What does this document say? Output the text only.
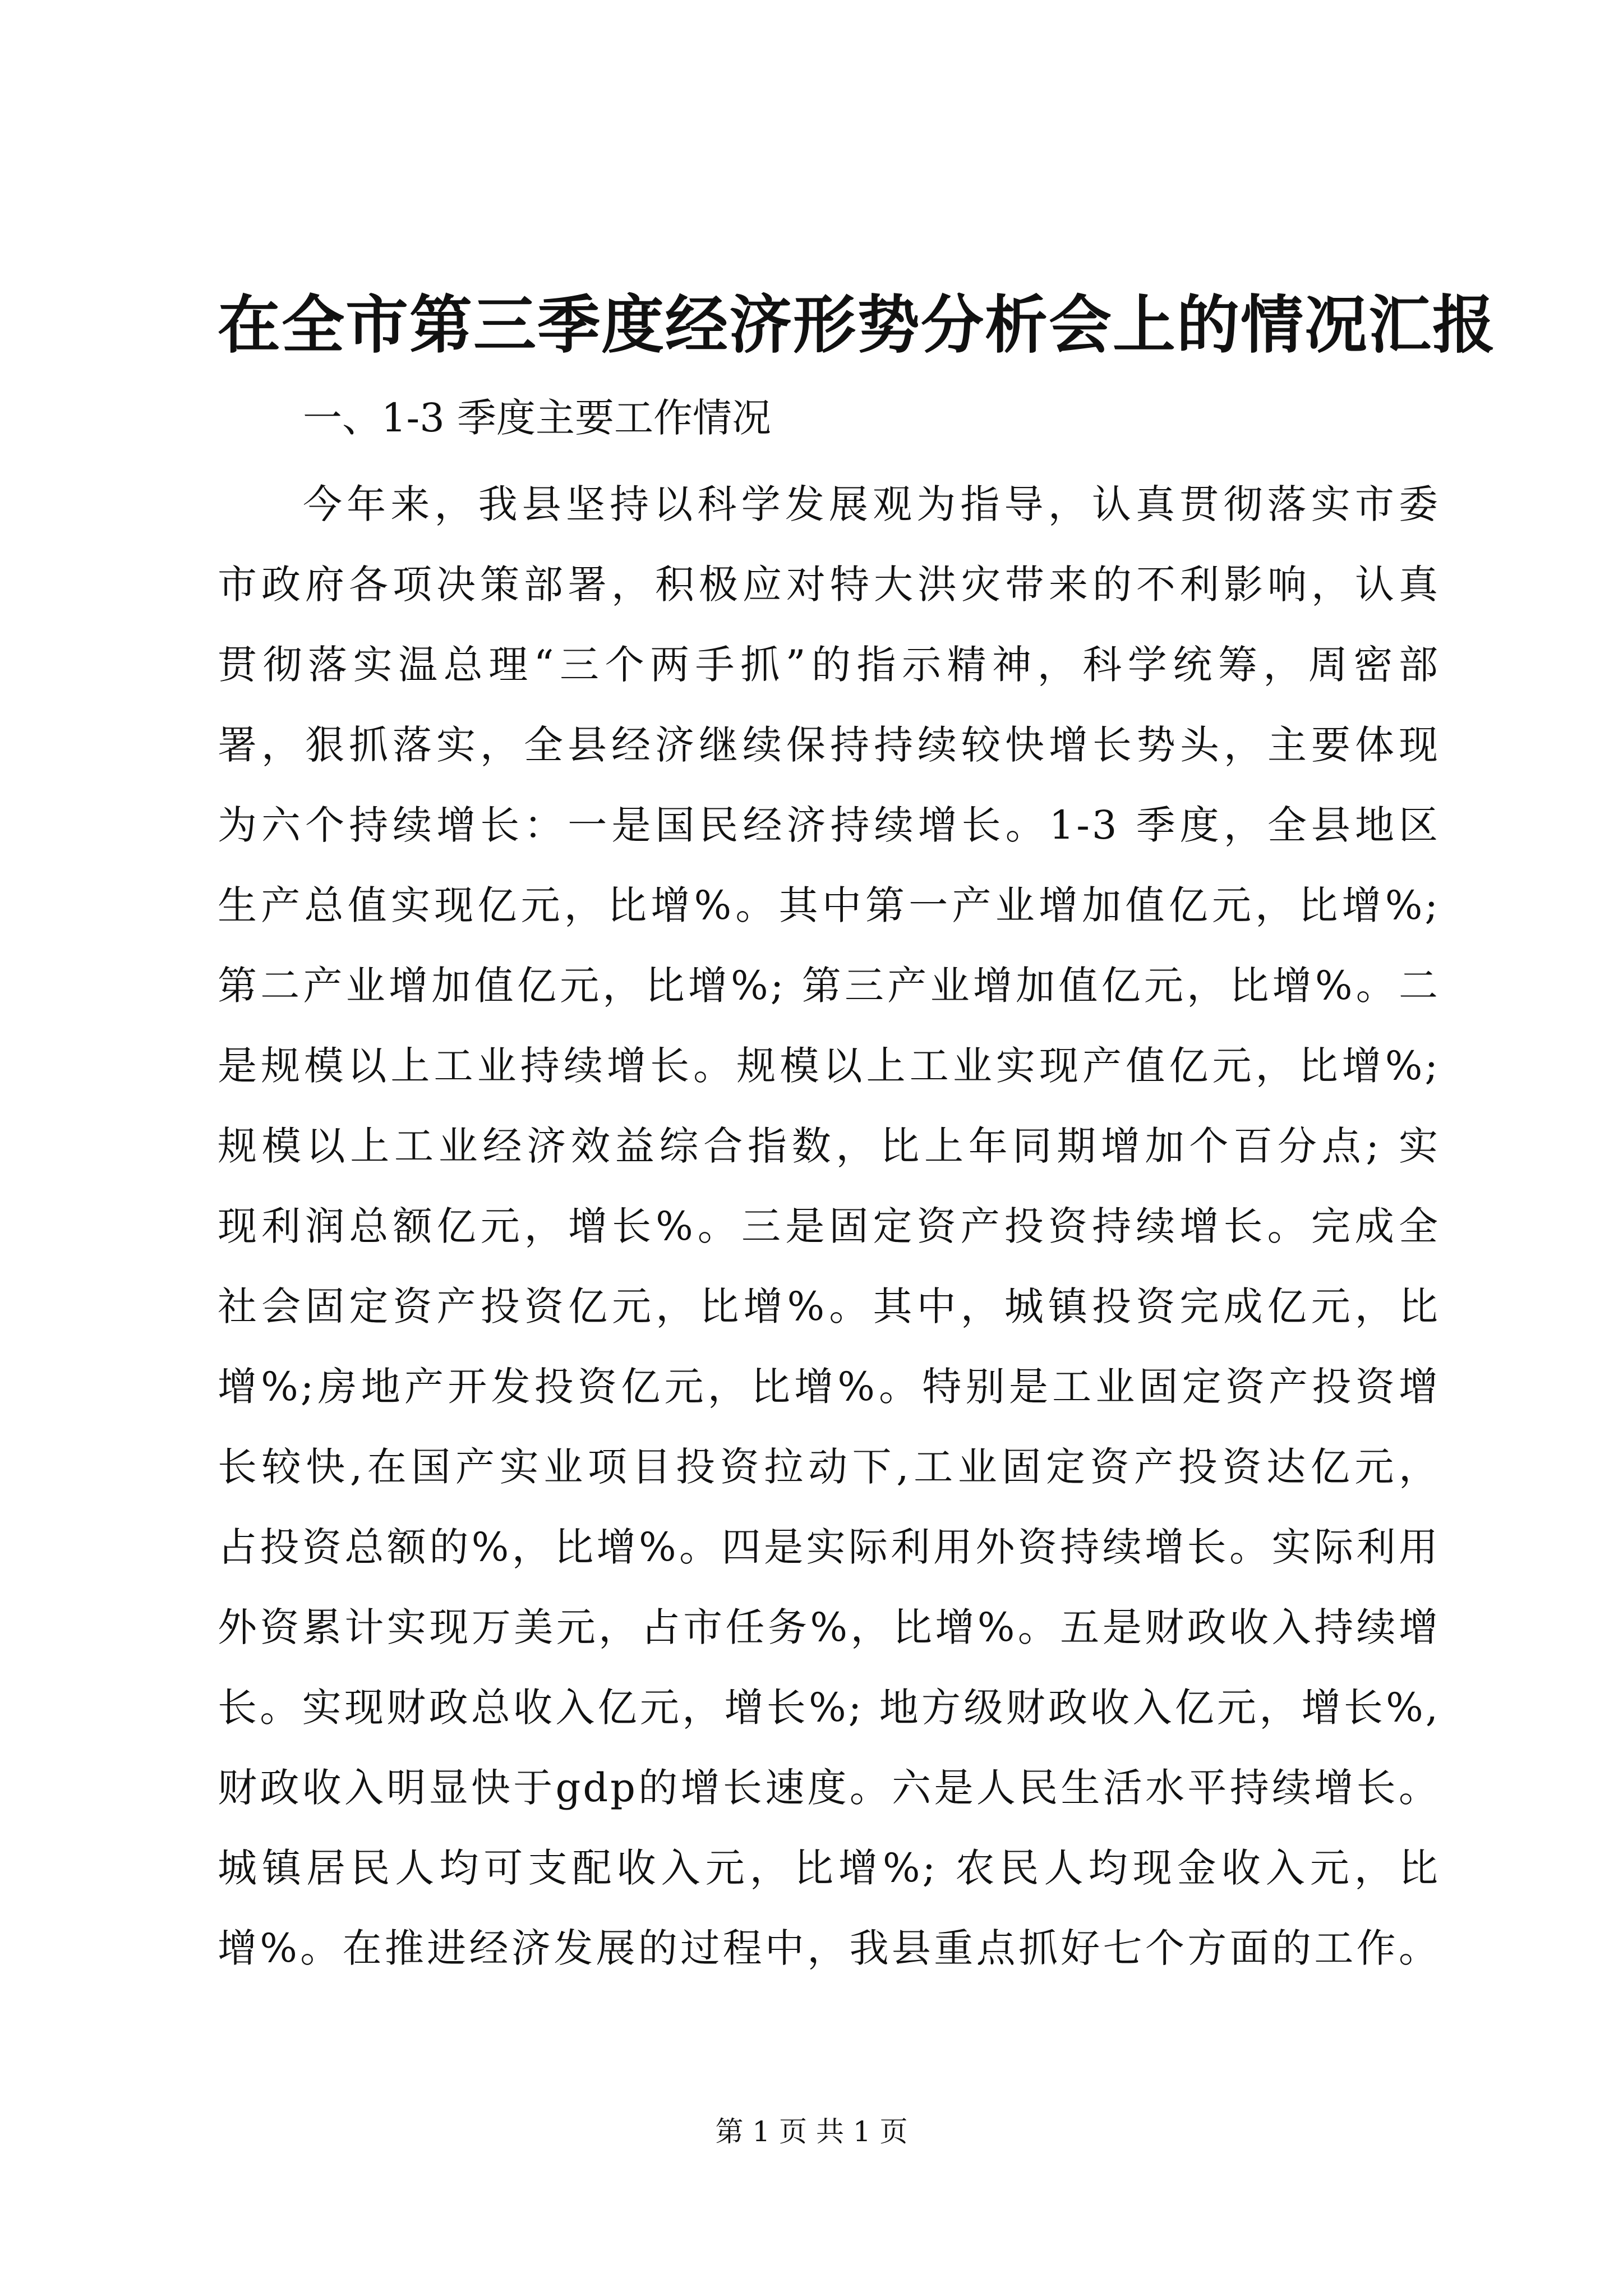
在全市第三季度经济形势分析会上的情况汇报
一、1-3 季度主要工作情况
今年来，我县坚持以科学发展观为指导，认真贯彻落实市委
市政府各项决策部署，积极应对特大洪灾带来的不利影响，认真
贯彻落实温总理“三个两手抓”的指示精神，科学统筹，周密部
署，狠抓落实，全县经济继续保持持续较快增长势头，主要体现
为六个持续增长：一是国民经济持续增长。1-3 季度，全县地区
生产总值实现亿元，比增%。其中第一产业增加值亿元，比增%;
第二产业增加值亿元，比增%; 第三产业增加值亿元，比增%。二
是规模以上工业持续增长。规模以上工业实现产值亿元，比增%;
规模以上工业经济效益综合指数，比上年同期增加个百分点; 实
现利润总额亿元，增长%。三是固定资产投资持续增长。完成全
社会固定资产投资亿元，比增%。其中，城镇投资完成亿元，比
增%;房地产开发投资亿元，比增%。特别是工业固定资产投资增
长较快,在国产实业项目投资拉动下,工业固定资产投资达亿元，
占投资总额的%，比增%。四是实际利用外资持续增长。实际利用
外资累计实现万美元，占市任务%，比增%。五是财政收入持续增
长。实现财政总收入亿元，增长%; 地方级财政收入亿元，增长%,
财政收入明显快于gdp的增长速度。六是人民生活水平持续增长。
城镇居民人均可支配收入元，比增%; 农民人均现金收入元，比
增%。在推进经济发展的过程中，我县重点抓好七个方面的工作。
第 1 页 共 1 页
